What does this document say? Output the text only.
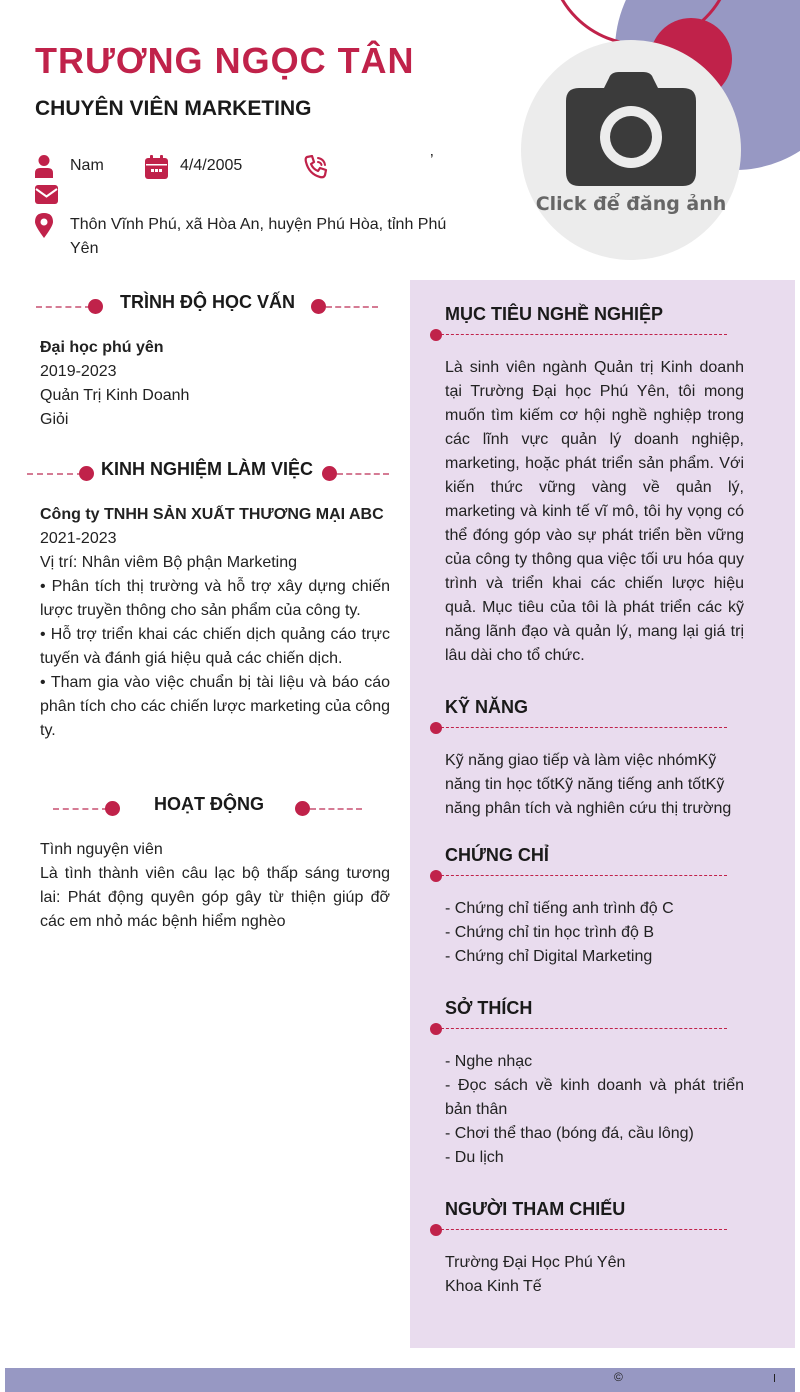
Click để đăng ảnh
TRƯƠNG NGỌC TÂN
CHUYÊN VIÊN MARKETING
Nam	4/4/2005	’
Thôn Vĩnh Phú, xã Hòa An, huyện Phú Hòa, tỉnh Phú Yên
TRÌNH ĐỘ HỌC VẤN
Đại học phú yên
2019-2023
Quản Trị Kinh Doanh
Giỏi
KINH NGHIỆM LÀM VIỆC
Công ty TNHH SẢN XUẤT THƯƠNG MẠI ABC
2021-2023
Vị trí: Nhân viêm Bộ phận Marketing
• Phân tích thị trường và hỗ trợ xây dựng chiến lược truyền thông cho sản phẩm của công ty.
• Hỗ trợ triển khai các chiến dịch quảng cáo trực tuyến và đánh giá hiệu quả các chiến dịch.
• Tham gia vào việc chuẩn bị tài liệu và báo cáo phân tích cho các chiến lược marketing của công ty.
HOẠT ĐỘNG
Tình nguyện viên
Là tình thành viên câu lạc bộ thấp sáng tương lai: Phát động quyên góp gây từ thiện giúp đỡ các em nhỏ mác bệnh hiểm nghèo
MỤC TIÊU NGHỀ NGHIỆP
Là sinh viên ngành Quản trị Kinh doanh tại Trường Đại học Phú Yên, tôi mong muốn tìm kiếm cơ hội nghề nghiệp trong các lĩnh vực quản lý doanh nghiệp, marketing, hoặc phát triển sản phẩm. Với kiến thức vững vàng về quản lý, marketing và kinh tế vĩ mô, tôi hy vọng có thể đóng góp vào sự phát triển bền vững của công ty thông qua việc tối ưu hóa quy trình và triển khai các chiến lược hiệu quả. Mục tiêu của tôi là phát triển các kỹ năng lãnh đạo và quản lý, mang lại giá trị lâu dài cho tổ chức.
KỸ NĂNG
Kỹ năng giao tiếp và làm việc nhómKỹ năng tin học tốtKỹ năng tiếng anh tốtKỹ năng phân tích và nghiên cứu thị trường
CHỨNG CHỈ
- Chứng chỉ tiếng anh trình độ C
- Chứng chỉ tin học trình độ B
- Chứng chỉ Digital Marketing
SỞ THÍCH
- Nghe nhạc
- Đọc sách về kinh doanh và phát triển bản thân
- Chơi thể thao (bóng đá, cầu lông)
- Du lịch
NGƯỜI THAM CHIẾU
Trường Đại Học Phú Yên
Khoa Kinh Tế
©
